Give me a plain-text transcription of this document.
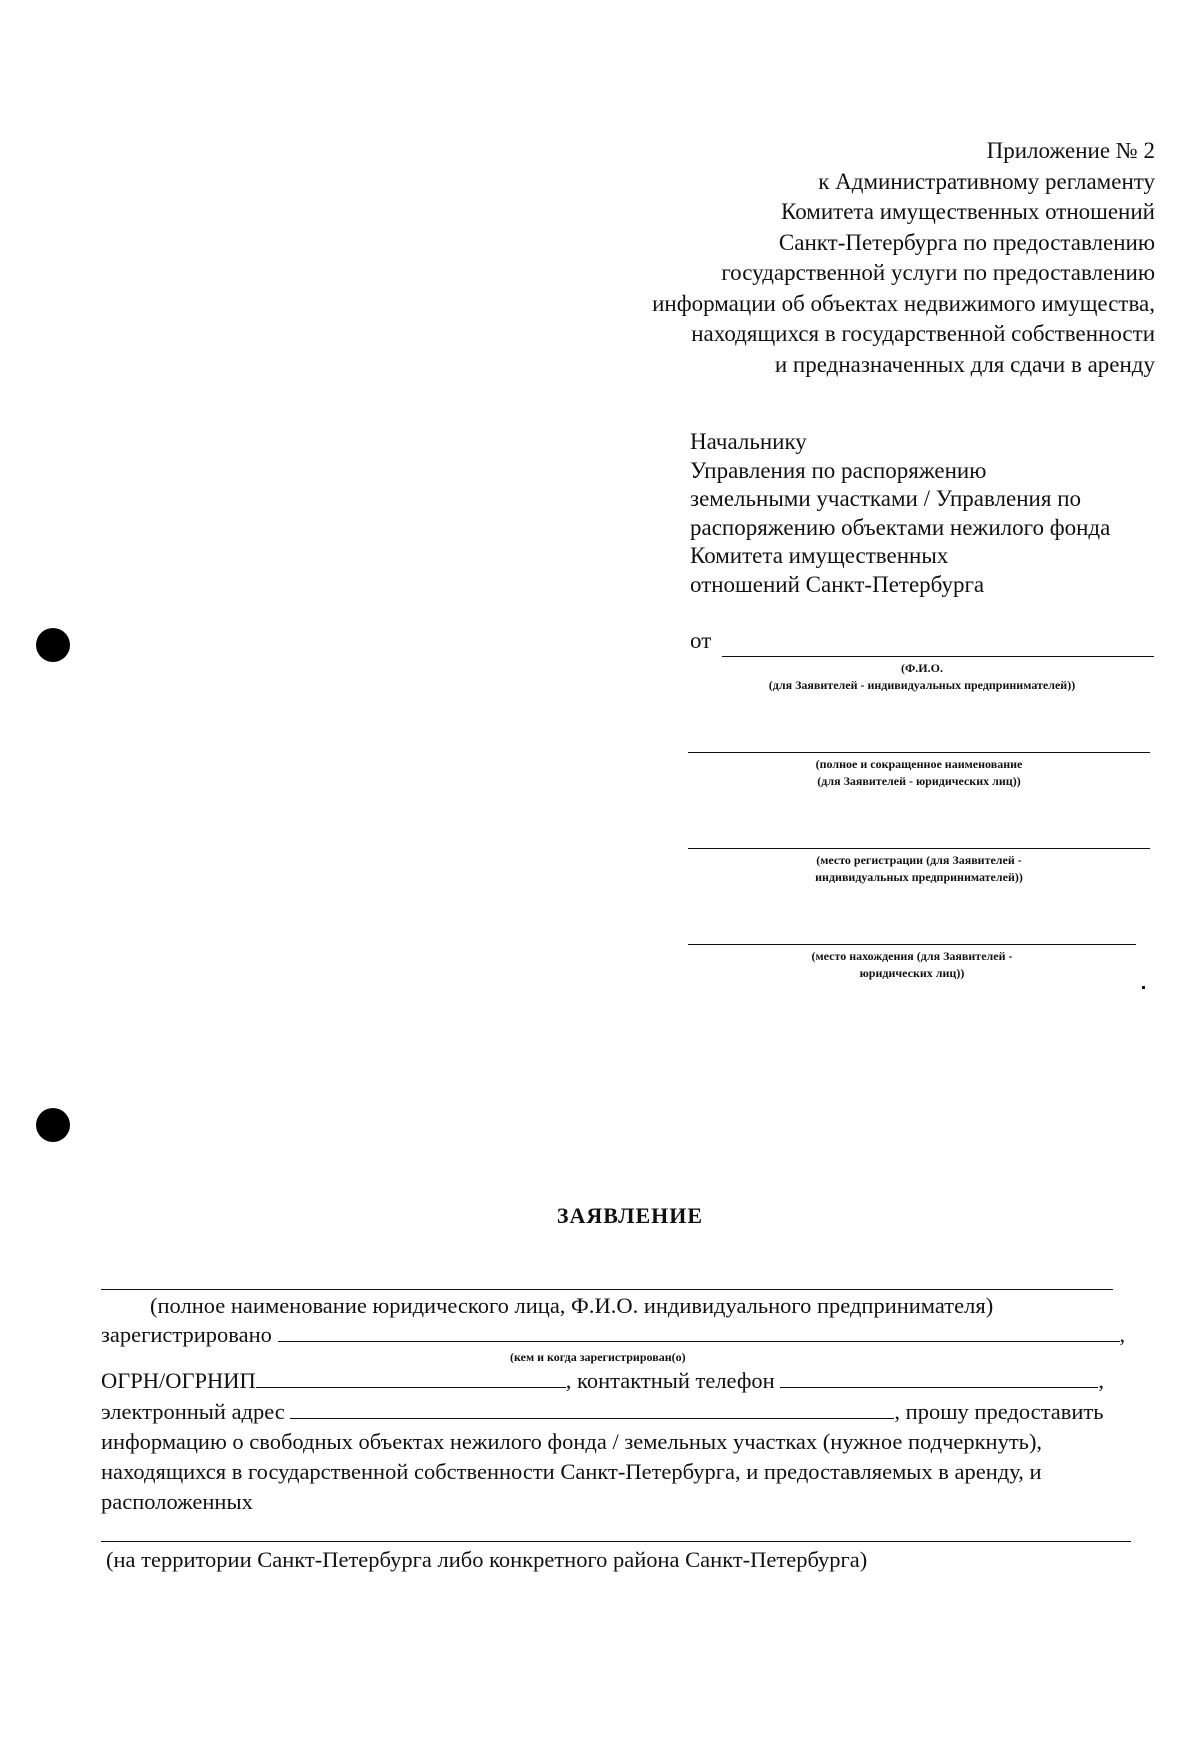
Приложение № 2
к Административному регламенту
Комитета имущественных отношений
Санкт-Петербурга по предоставлению
государственной услуги по предоставлению
информации об объектах недвижимого имущества,
находящихся в государственной собственности
и предназначенных для сдачи в аренду
Начальнику
Управления по распоряжению
земельными участками / Управления по
распоряжению объектами нежилого фонда
Комитета имущественных
отношений Санкт-Петербурга
от
(Ф.И.О.
(для Заявителей - индивидуальных предпринимателей))
(полное и сокращенное наименование
(для Заявителей - юридических лиц))
(место регистрации (для Заявителей -
индивидуальных предпринимателей))
(место нахождения (для Заявителей -
юридических лиц))
ЗАЯВЛЕНИЕ
(полное наименование юридического лица, Ф.И.О. индивидуального предпринимателя)
зарегистрировано	,
(кем и когда зарегистрирован(о)
ОГРН/ОГРНИП	, контактный телефон	,
электронный адрес	, прошу предоставить
информацию о свободных объектах нежилого фонда / земельных участках (нужное подчеркнуть),
находящихся в государственной собственности Санкт-Петербурга, и предоставляемых в аренду, и
расположенных
(на территории Санкт-Петербурга либо конкретного района Санкт-Петербурга)
